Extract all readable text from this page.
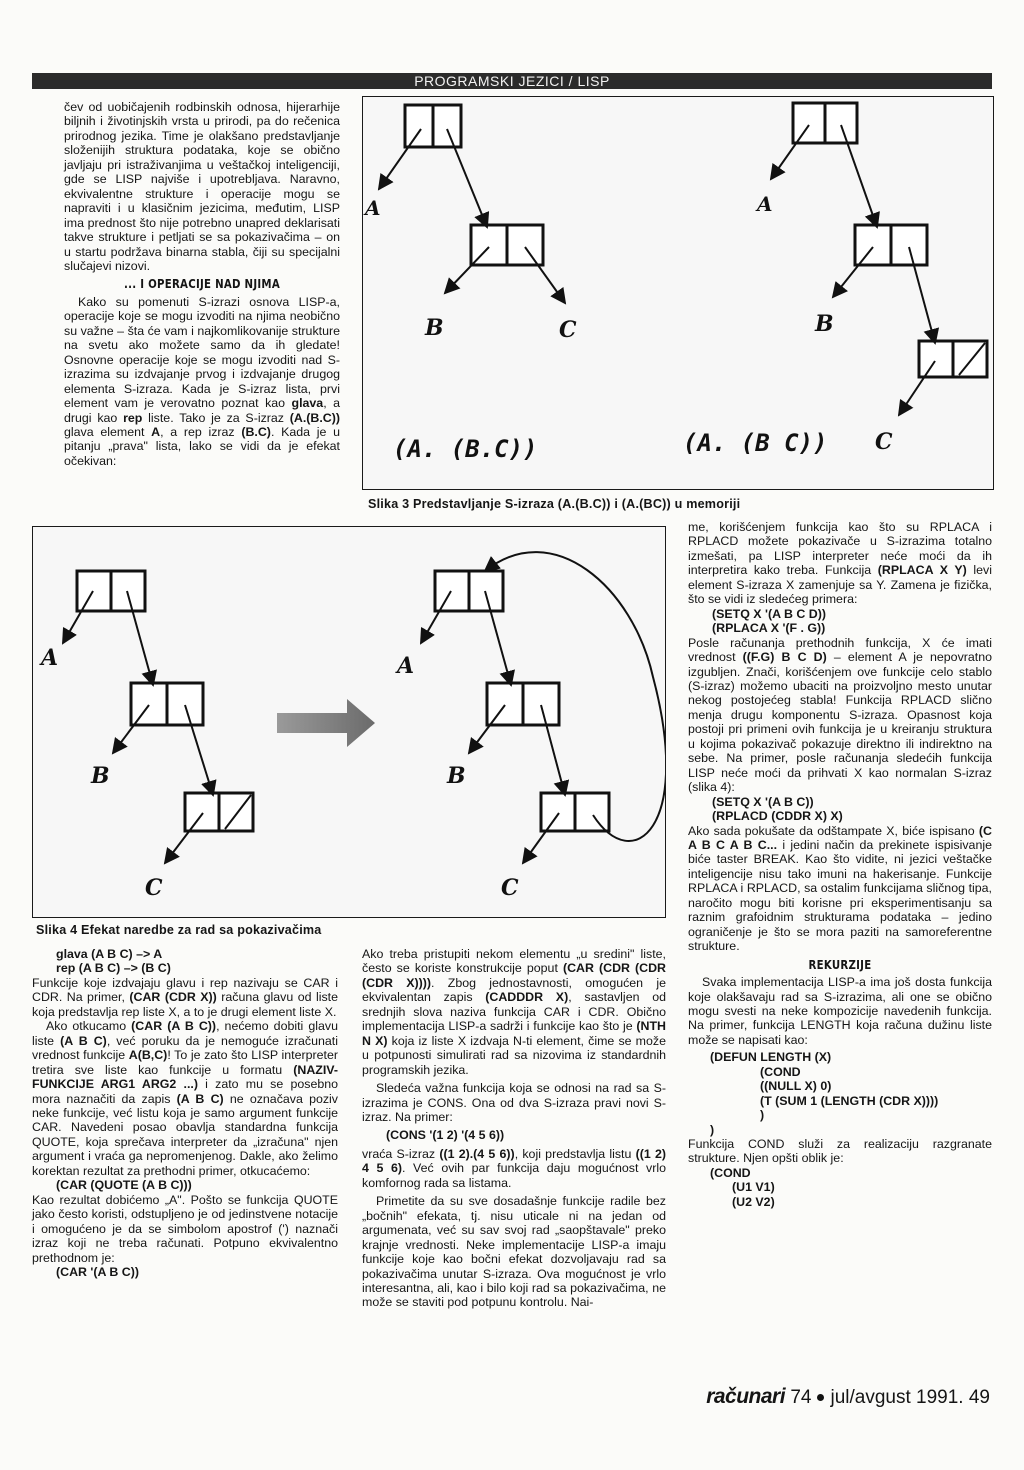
PROGRAMSKI JEZICI / LISP

čev od uobičajenih rodbinskih odnosa, hijerarhije biljnih i životinjskih vrsta u prirodi, pa do rečenica prirodnog jezika. Time je olakšano predstavljanje složenijih struktura podataka, koje se obično javljaju pri istraživanjima u veštačkoj inteligenciji, gde se LISP najviše i upotrebljava. Naravno, ekvivalentne strukture i operacije mogu se napraviti i u klasičnim jezicima, međutim, LISP ima prednost što nije potrebno unapred deklarisati takve strukture i petljati se sa pokazivačima – on u startu podržava binarna stabla, čiji su specijalni slučajevi nizovi.

... I OPERACIJE NAD NJIMA

Kako su pomenuti S-izrazi osnova LISP-a, operacije koje se mogu izvoditi na njima neobično su važne – šta će vam i najkomlikovanije strukture na svetu ako možete samo da ih gledate! Osnovne operacije koje se mogu izvoditi nad S-izrazima su izdvajanje prvog i izdvajanje drugog elementa S-izraza. Kada je S-izraz lista, prvi element vam je verovatno poznat kao glava, a drugi kao rep liste. Tako je za S-izraz (A.(B.C)) glava element A, a rep izraz (B.C). Kada je u pitanju „prava" lista, lako se vidi da je efekat očekivan:

A
B	C
A
B
C
(A. (B.C))	(A. (B C))
Slika 3 Predstavljanje S-izraza (A.(B.C)) i (A.(BC)) u memoriji
A
B
C
A
B
C
Slika 4 Efekat naredbe za rad sa pokazivačima
glava (A B C) –> A
rep (A B C) –> (B C)

Funkcije koje izdvajaju glavu i rep nazivaju se CAR i CDR. Na primer, (CAR (CDR X)) računa glavu od liste koja predstavlja rep liste X, a to je drugi element liste X.

Ako otkucamo (CAR (A B C)), nećemo dobiti glavu liste (A B C), već poruku da je nemoguće izračunati vrednost funkcije A(B,C)! To je zato što LISP interpreter tretira sve liste kao funkcije u formatu (NAZIV-FUNKCIJE ARG1 ARG2 ...) i zato mu se posebno mora naznačiti da zapis (A B C) ne označava poziv neke funkcije, već listu koja je samo argument funkcije CAR. Navedeni posao obavlja standardna funkcija QUOTE, koja sprečava interpreter da „izračuna" njen argument i vraća ga nepromenjenog. Dakle, ako želimo korektan rezultat za prethodni primer, otkucaćemo:

(CAR (QUOTE (A B C)))

Kao rezultat dobićemo „A". Pošto se funkcija QUOTE jako često koristi, odstupljeno je od jedinstvene notacije i omogućeno je da se simbolom apostrof (') naznači izraz koji ne treba računati. Potpuno ekvivalentno prethodnom je:

(CAR '(A B C))

Ako treba pristupiti nekom elementu „u sredini" liste, često se koriste konstrukcije poput (CAR (CDR (CDR (CDR X)))). Zbog jednostavnosti, omogućen je ekvivalentan zapis (CADDDR X), sastavljen od srednjih slova naziva funkcija CAR i CDR. Obično implementacija LISP-a sadrži i funkcije kao što je (NTH N X) koja iz liste X izdvaja N-ti element, čime se može u potpunosti simulirati rad sa nizovima iz standardnih programskih jezika.

Sledeća važna funkcija koja se odnosi na rad sa S-izrazima je CONS. Ona od dva S-izraza pravi novi S-izraz. Na primer:

(CONS '(1 2) '(4 5 6))

vraća S-izraz ((1 2).(4 5 6)), koji predstavlja listu ((1 2) 4 5 6). Već ovih par funkcija daju mogućnost vrlo komfornog rada sa listama.

Primetite da su sve dosadašnje funkcije radile bez „bočnih" efekata, tj. nisu uticale ni na jedan od argumenata, već su sav svoj rad „saopštavale" preko krajnje vrednosti. Neke implementacije LISP-a imaju funkcije koje kao bočni efekat dozvoljavaju rad sa pokazivačima unutar S-izraza. Ova mogućnost je vrlo interesantna, ali, kao i bilo koji rad sa pokazivačima, ne može se staviti pod potpunu kontrolu. Nai-

me, korišćenjem funkcija kao što su RPLACA i RPLACD možete pokazivače u S-izrazima totalno izmešati, pa LISP interpreter neće moći da ih interpretira kako treba. Funkcija (RPLACA X Y) levi element S-izraza X zamenjuje sa Y. Zamena je fizička, što se vidi iz sledećeg primera:

(SETQ X '(A B C D))
(RPLACA X '(F . G))

Posle računanja prethodnih funkcija, X će imati vrednost ((F.G) B C D) – element A je nepovratno izgubljen. Znači, korišćenjem ove funkcije celo stablo (S-izraz) možemo ubaciti na proizvoljno mesto unutar nekog postojećeg stabla! Funkcija RPLACD slično menja drugu komponentu S-izraza. Opasnost koja postoji pri primeni ovih funkcija je u kreiranju struktura u kojima pokazivač pokazuje direktno ili indirektno na sebe. Na primer, posle računanja sledećih funkcija LISP neće moći da prihvati X kao normalan S-izraz (slika 4):

(SETQ X '(A B C))
(RPLACD (CDDR X) X)

Ako sada pokušate da odštampate X, biće ispisano (C A B C A B C... i jedini način da prekinete ispisivanje biće taster BREAK. Kao što vidite, ni jezici veštačke inteligencije nisu tako imuni na hakerisanje. Funkcije RPLACA i RPLACD, sa ostalim funkcijama sličnog tipa, naročito mogu biti korisne pri eksperimentisanju sa raznim grafoidnim strukturama podataka – jedino ograničenje je što se mora paziti na samoreferentne strukture.

REKURZIJE

Svaka implementacija LISP-a ima još dosta funkcija koje olakšavaju rad sa S-izrazima, ali one se obično mogu svesti na neke kompozicije navedenih funkcija. Na primer, funkcija LENGTH koja računa dužinu liste može se napisati kao:

(DEFUN LENGTH (X)
(COND
((NULL X) 0)
(T (SUM 1 (LENGTH (CDR X))))
)
)

Funkcija COND služi za realizaciju razgranate strukture. Njen opšti oblik je:

(COND
(U1 V1)
(U2 V2)
računari 74 jul/avgust 1991. 49
